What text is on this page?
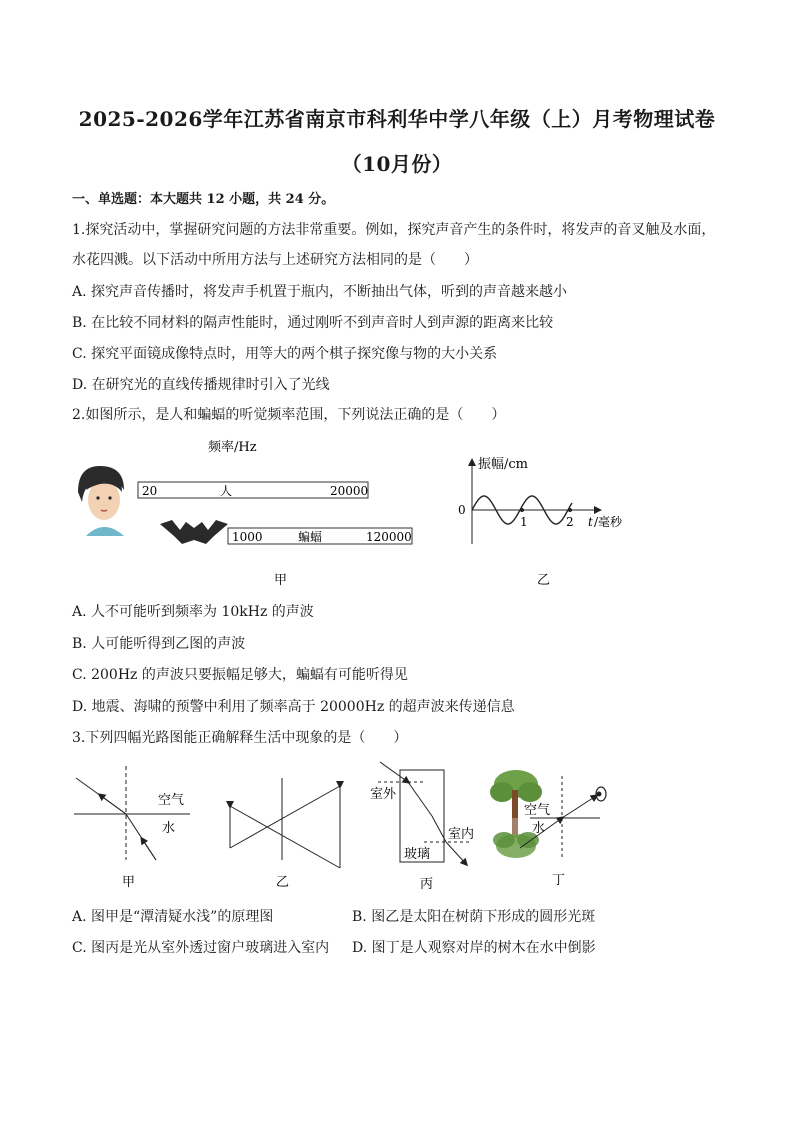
2025-2026学年江苏省南京市科利华中学八年级（上）月考物理试卷
（10月份）
一、单选题：本大题共 12 小题，共 24 分。
1.探究活动中，掌握研究问题的方法非常重要。例如，探究声音产生的条件时，将发声的音叉触及水面，
水花四溅。以下活动中所用方法与上述研究方法相同的是（　　）
A. 探究声音传播时，将发声手机置于瓶内，不断抽出气体，听到的声音越来越小
B. 在比较不同材料的隔声性能时，通过刚听不到声音时人到声源的距离来比较
C. 探究平面镜成像特点时，用等大的两个棋子探究像与物的大小关系
D. 在研究光的直线传播规律时引入了光线
2.如图所示，是人和蝙蝠的听觉频率范围，下列说法正确的是（　　）
频率/Hz
20	人	20000
1000	蝙蝠	120000
甲
振幅/cm
0
1	2 t /毫秒
乙
A. 人不可能听到频率为 10kHz 的声波
B. 人可能听得到乙图的声波
C. 200Hz 的声波只要振幅足够大，蝙蝠有可能听得见
D. 地震、海啸的预警中利用了频率高于 20000Hz 的超声波来传递信息
3.下列四幅光路图能正确解释生活中现象的是（　　）
空气
水
甲	乙
室外
室内
玻璃
丙
空气
水
丁
A. 图甲是“潭清疑水浅”的原理图	B. 图乙是太阳在树荫下形成的圆形光斑
C. 图丙是光从室外透过窗户玻璃进入室内 D. 图丁是人观察对岸的树木在水中倒影
